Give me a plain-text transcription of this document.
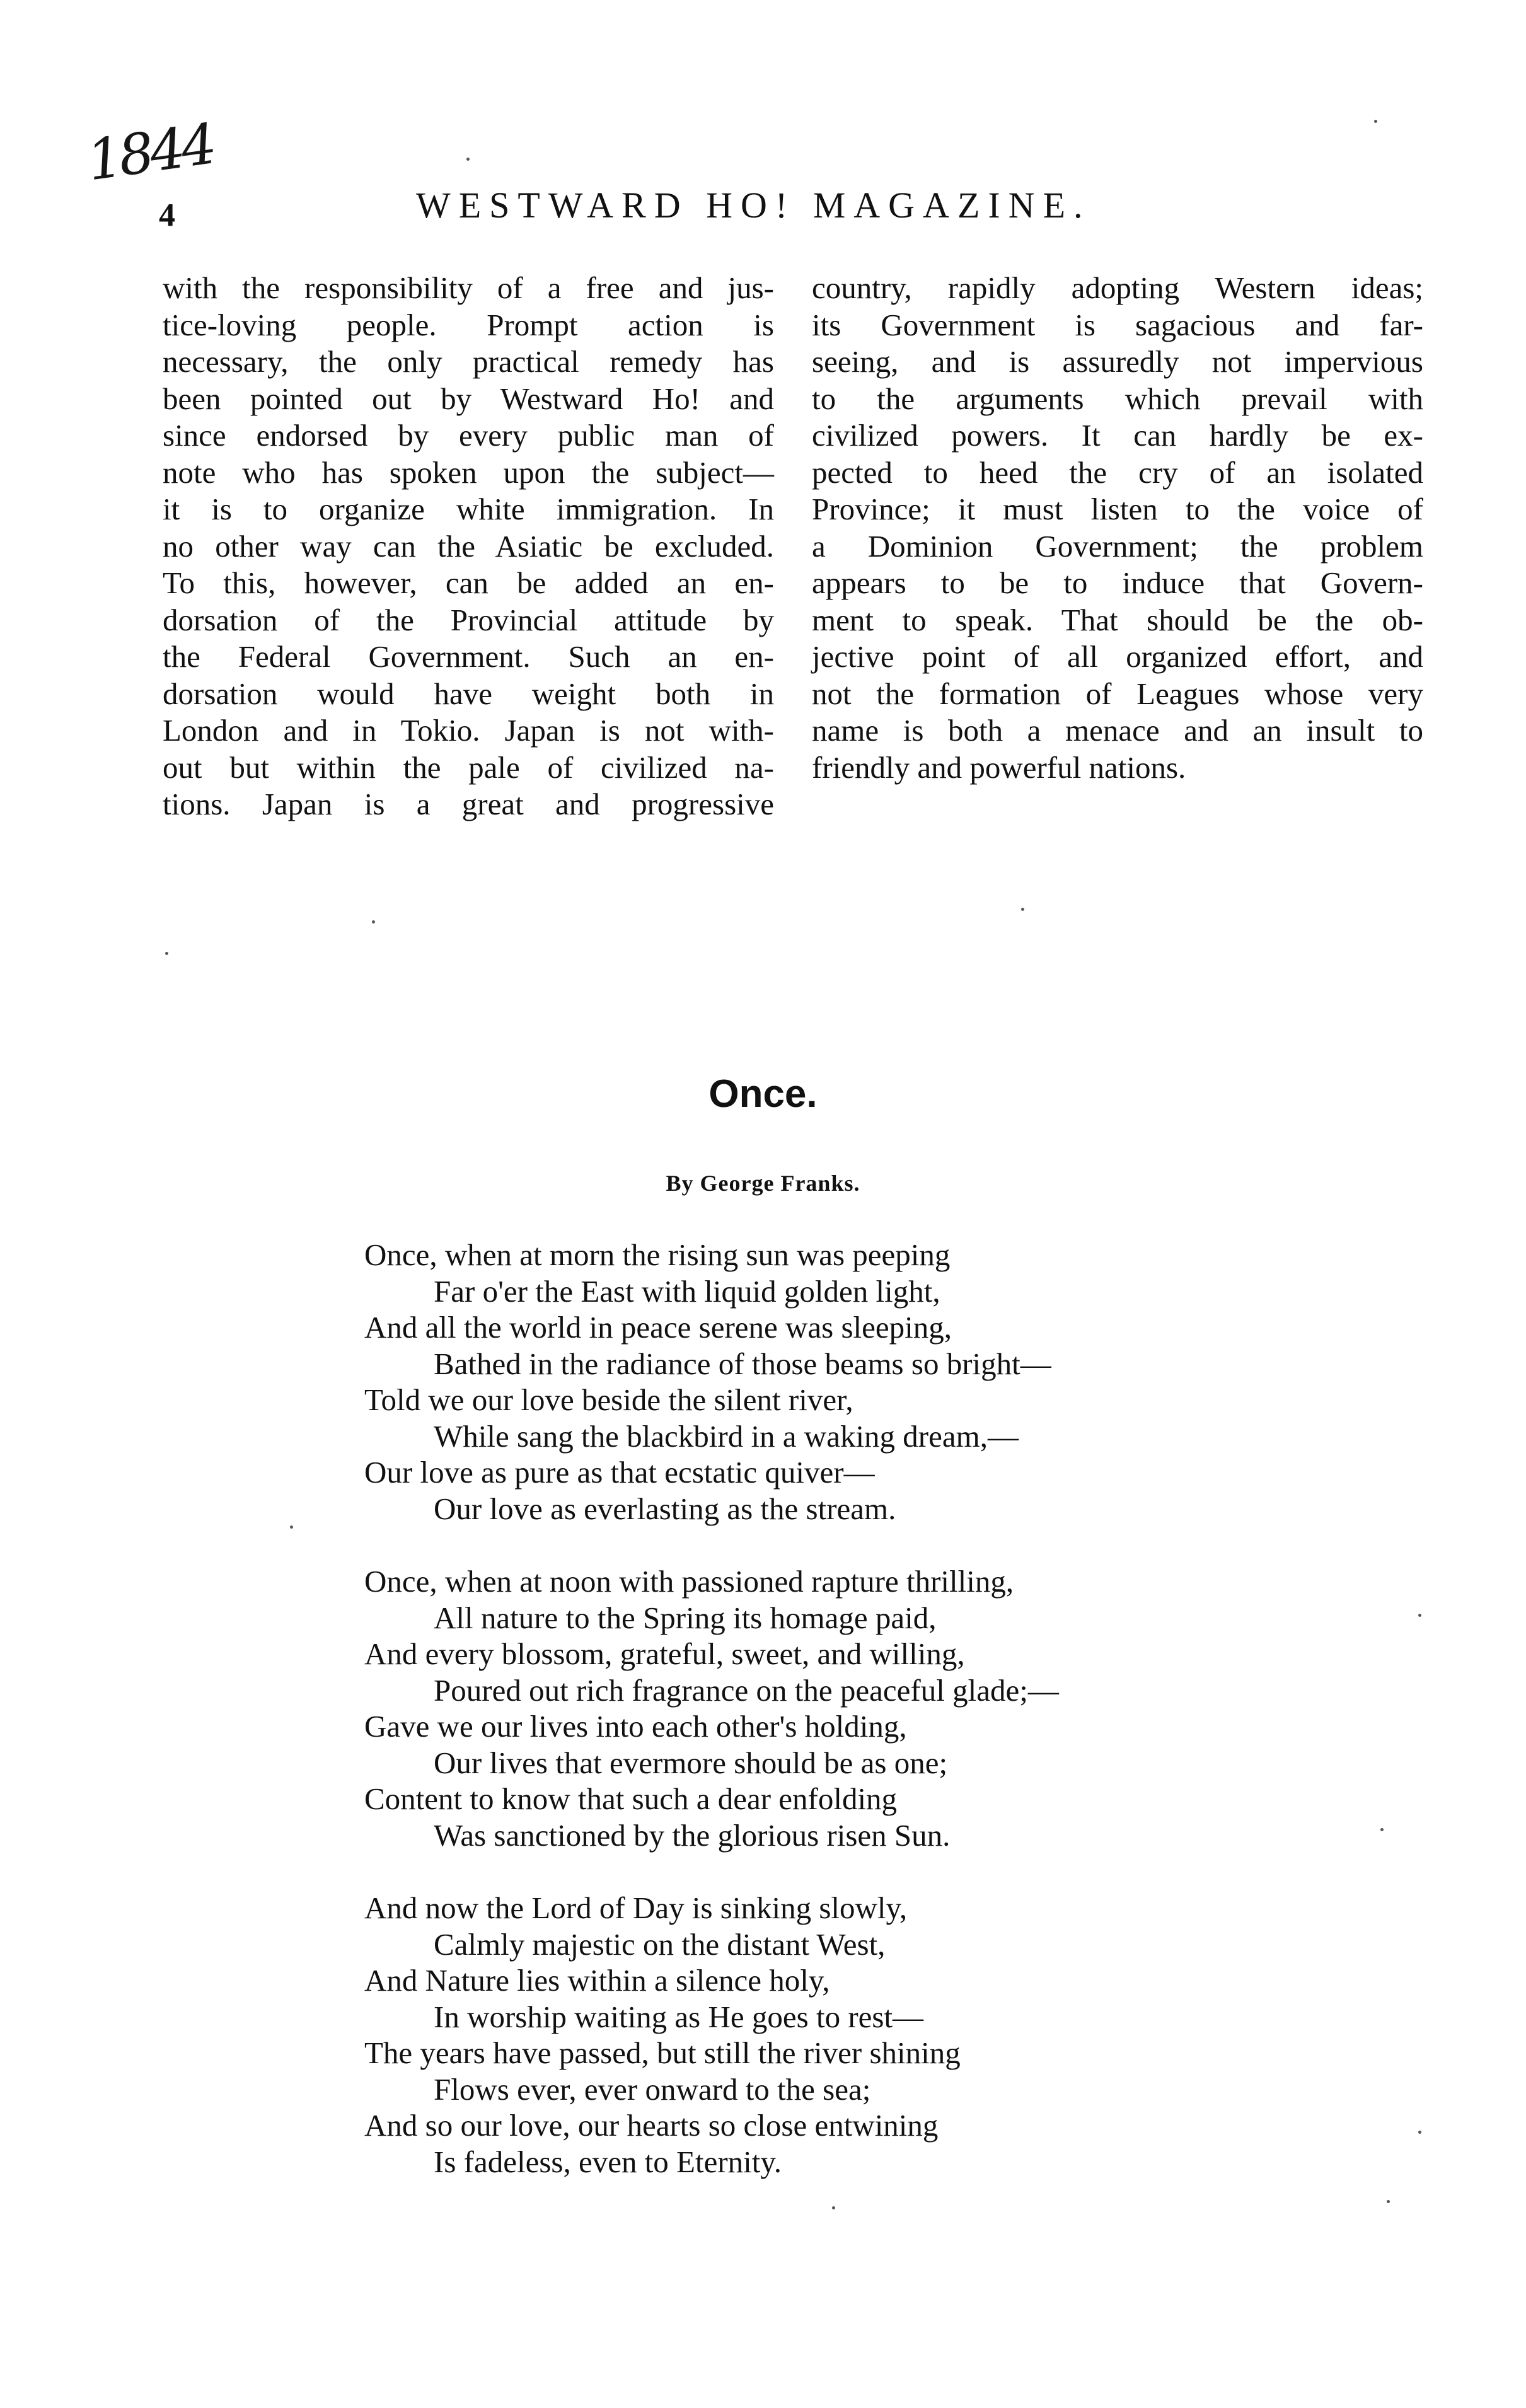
1844
4	WESTWARD HO! MAGAZINE.
with the responsibility of a free and jus-
tice-loving people. Prompt action is
necessary, the only practical remedy has
been pointed out by Westward Ho! and
since endorsed by every public man of
note who has spoken upon the subject—
it is to organize white immigration. In
no other way can the Asiatic be excluded.
To this, however, can be added an en-
dorsation of the Provincial attitude by
the Federal Government. Such an en-
dorsation would have weight both in
London and in Tokio. Japan is not with-
out but within the pale of civilized na-
tions. Japan is a great and progressive
country, rapidly adopting Western ideas;
its Government is sagacious and far-
seeing, and is assuredly not impervious
to the arguments which prevail with
civilized powers. It can hardly be ex-
pected to heed the cry of an isolated
Province; it must listen to the voice of
a Dominion Government; the problem
appears to be to induce that Govern-
ment to speak. That should be the ob-
jective point of all organized effort, and
not the formation of Leagues whose very
name is both a menace and an insult to
friendly and powerful nations.
Once.
By George Franks.
Once, when at morn the rising sun was peeping
Far o'er the East with liquid golden light,
And all the world in peace serene was sleeping,
Bathed in the radiance of those beams so bright—
Told we our love beside the silent river,
While sang the blackbird in a waking dream,—
Our love as pure as that ecstatic quiver—
Our love as everlasting as the stream.
Once, when at noon with passioned rapture thrilling,
All nature to the Spring its homage paid,
And every blossom, grateful, sweet, and willing,
Poured out rich fragrance on the peaceful glade;—
Gave we our lives into each other's holding,
Our lives that evermore should be as one;
Content to know that such a dear enfolding
Was sanctioned by the glorious risen Sun.
And now the Lord of Day is sinking slowly,
Calmly majestic on the distant West,
And Nature lies within a silence holy,
In worship waiting as He goes to rest—
The years have passed, but still the river shining
Flows ever, ever onward to the sea;
And so our love, our hearts so close entwining
Is fadeless, even to Eternity.
